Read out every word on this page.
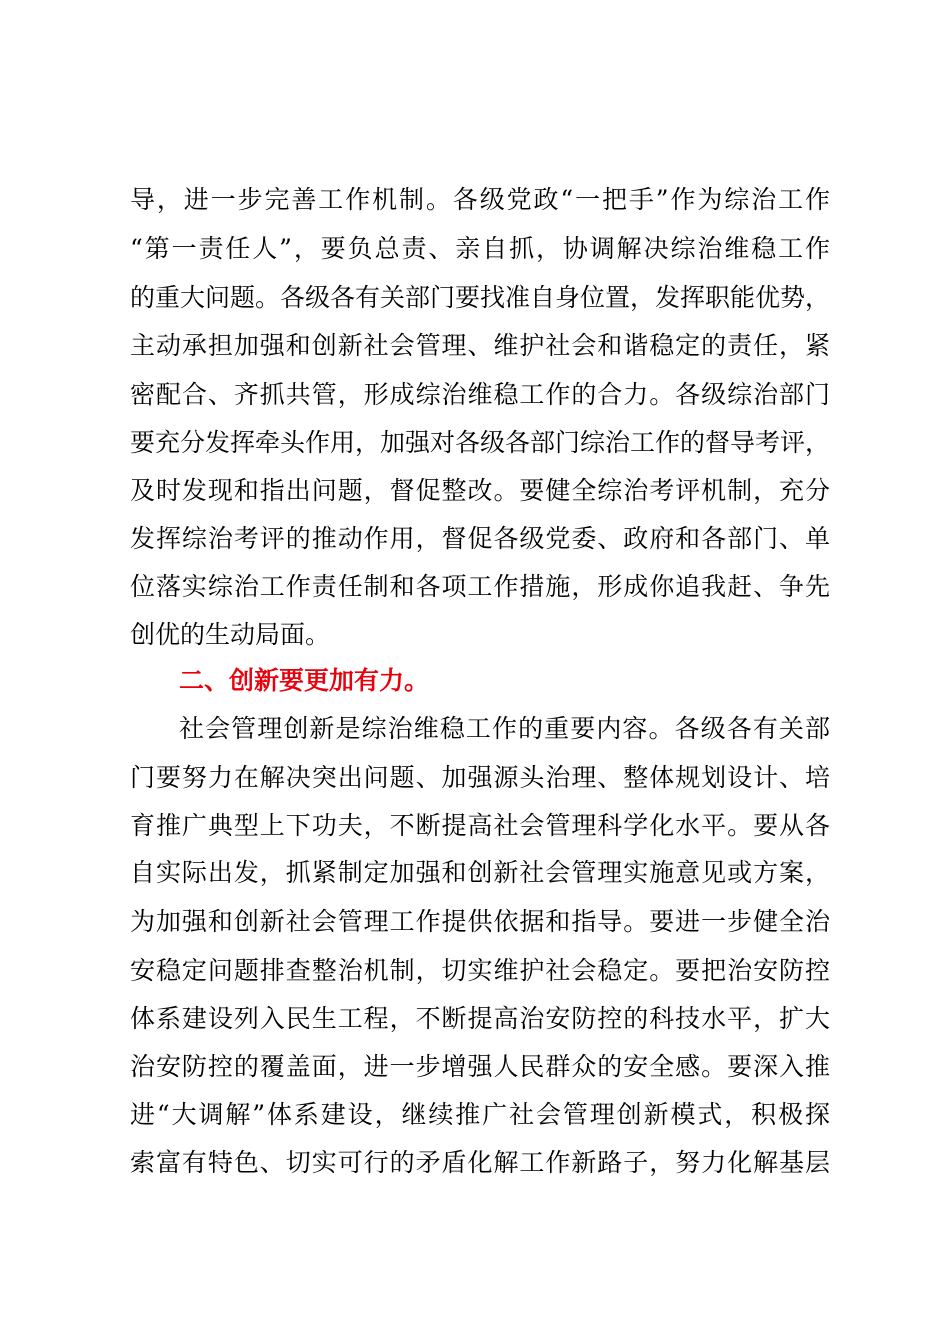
导，进一步完善工作机制。各级党政“一把手”作为综治工作
“第一责任人”，要负总责、亲自抓，协调解决综治维稳工作
的重大问题。各级各有关部门要找准自身位置，发挥职能优势，
主动承担加强和创新社会管理、维护社会和谐稳定的责任，紧
密配合、齐抓共管，形成综治维稳工作的合力。各级综治部门
要充分发挥牵头作用，加强对各级各部门综治工作的督导考评，
及时发现和指出问题，督促整改。要健全综治考评机制，充分
发挥综治考评的推动作用，督促各级党委、政府和各部门、单
位落实综治工作责任制和各项工作措施，形成你追我赶、争先
创优的生动局面。
二、创新要更加有力。
社会管理创新是综治维稳工作的重要内容。各级各有关部
门要努力在解决突出问题、加强源头治理、整体规划设计、培
育推广典型上下功夫，不断提高社会管理科学化水平。要从各
自实际出发，抓紧制定加强和创新社会管理实施意见或方案，
为加强和创新社会管理工作提供依据和指导。要进一步健全治
安稳定问题排查整治机制，切实维护社会稳定。要把治安防控
体系建设列入民生工程，不断提高治安防控的科技水平，扩大
治安防控的覆盖面，进一步增强人民群众的安全感。要深入推
进“大调解”体系建设，继续推广社会管理创新模式，积极探
索富有特色、切实可行的矛盾化解工作新路子，努力化解基层
